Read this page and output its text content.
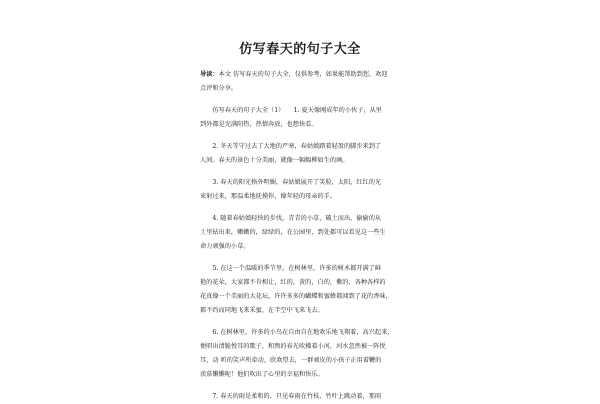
仿写春天的句子大全
导读：本文 仿写春天的句子大全，仅供参考，如果能帮助到您，欢迎
点评和分享。
　　仿写春天的句子大全（1）　　1. 夏天像刚成年的小伙子，从里
到外都是充满阳热，热情奔放，也想快看。
　　2. 冬天等守过去了大地的严寒，春姑娘踏着轻盈的脚步来到了
人间。春天的景色十分美丽，就像一幅幅柳如生的画。
　　3. 春天的阳光格外明媚，春姑娘展开了笑脸，太阳，红红的光
束射过来，那温柔地抚摸你，像年轻的母亲的手。
　　4. 随着春姑娘轻快的步伐，青青的小草，破土而出，偷偷的从
土里钻出来，嫩嫩的，绿绿的，在公园里，到处都可以看见这一些生
命力顽强的小草。
　　5. 在这一个温暖的季节里，在树林里，许多的树木都开满了鲜
艳的花朵，大家都不肯相让，红的，黄的，白的，紫的，各种各样的
花真像一个美丽的大花坛，许许多多的蝴蝶和蜜蜂都闻到了花的香味，
都不约而同地飞来采蜜，在半空中飞来飞去。
　　6. 在树林里，许多的小鸟在自由自在地欢乐地飞翔着，高兴起来，
便唱出清脆悦耳的歌子，和煦的春光吹拂着小河，河水忽然被一阵悦
耳，动 听的笑声所牵动，欣欢望去，一群顽皮的小孩子正用着鞭的
羡慕懒懒呢！他们吹出了心里的幸福和快乐。
　　7. 春天的雨是柔和的，只见春雨在竹枝、竹叶上跳动着，那雨
